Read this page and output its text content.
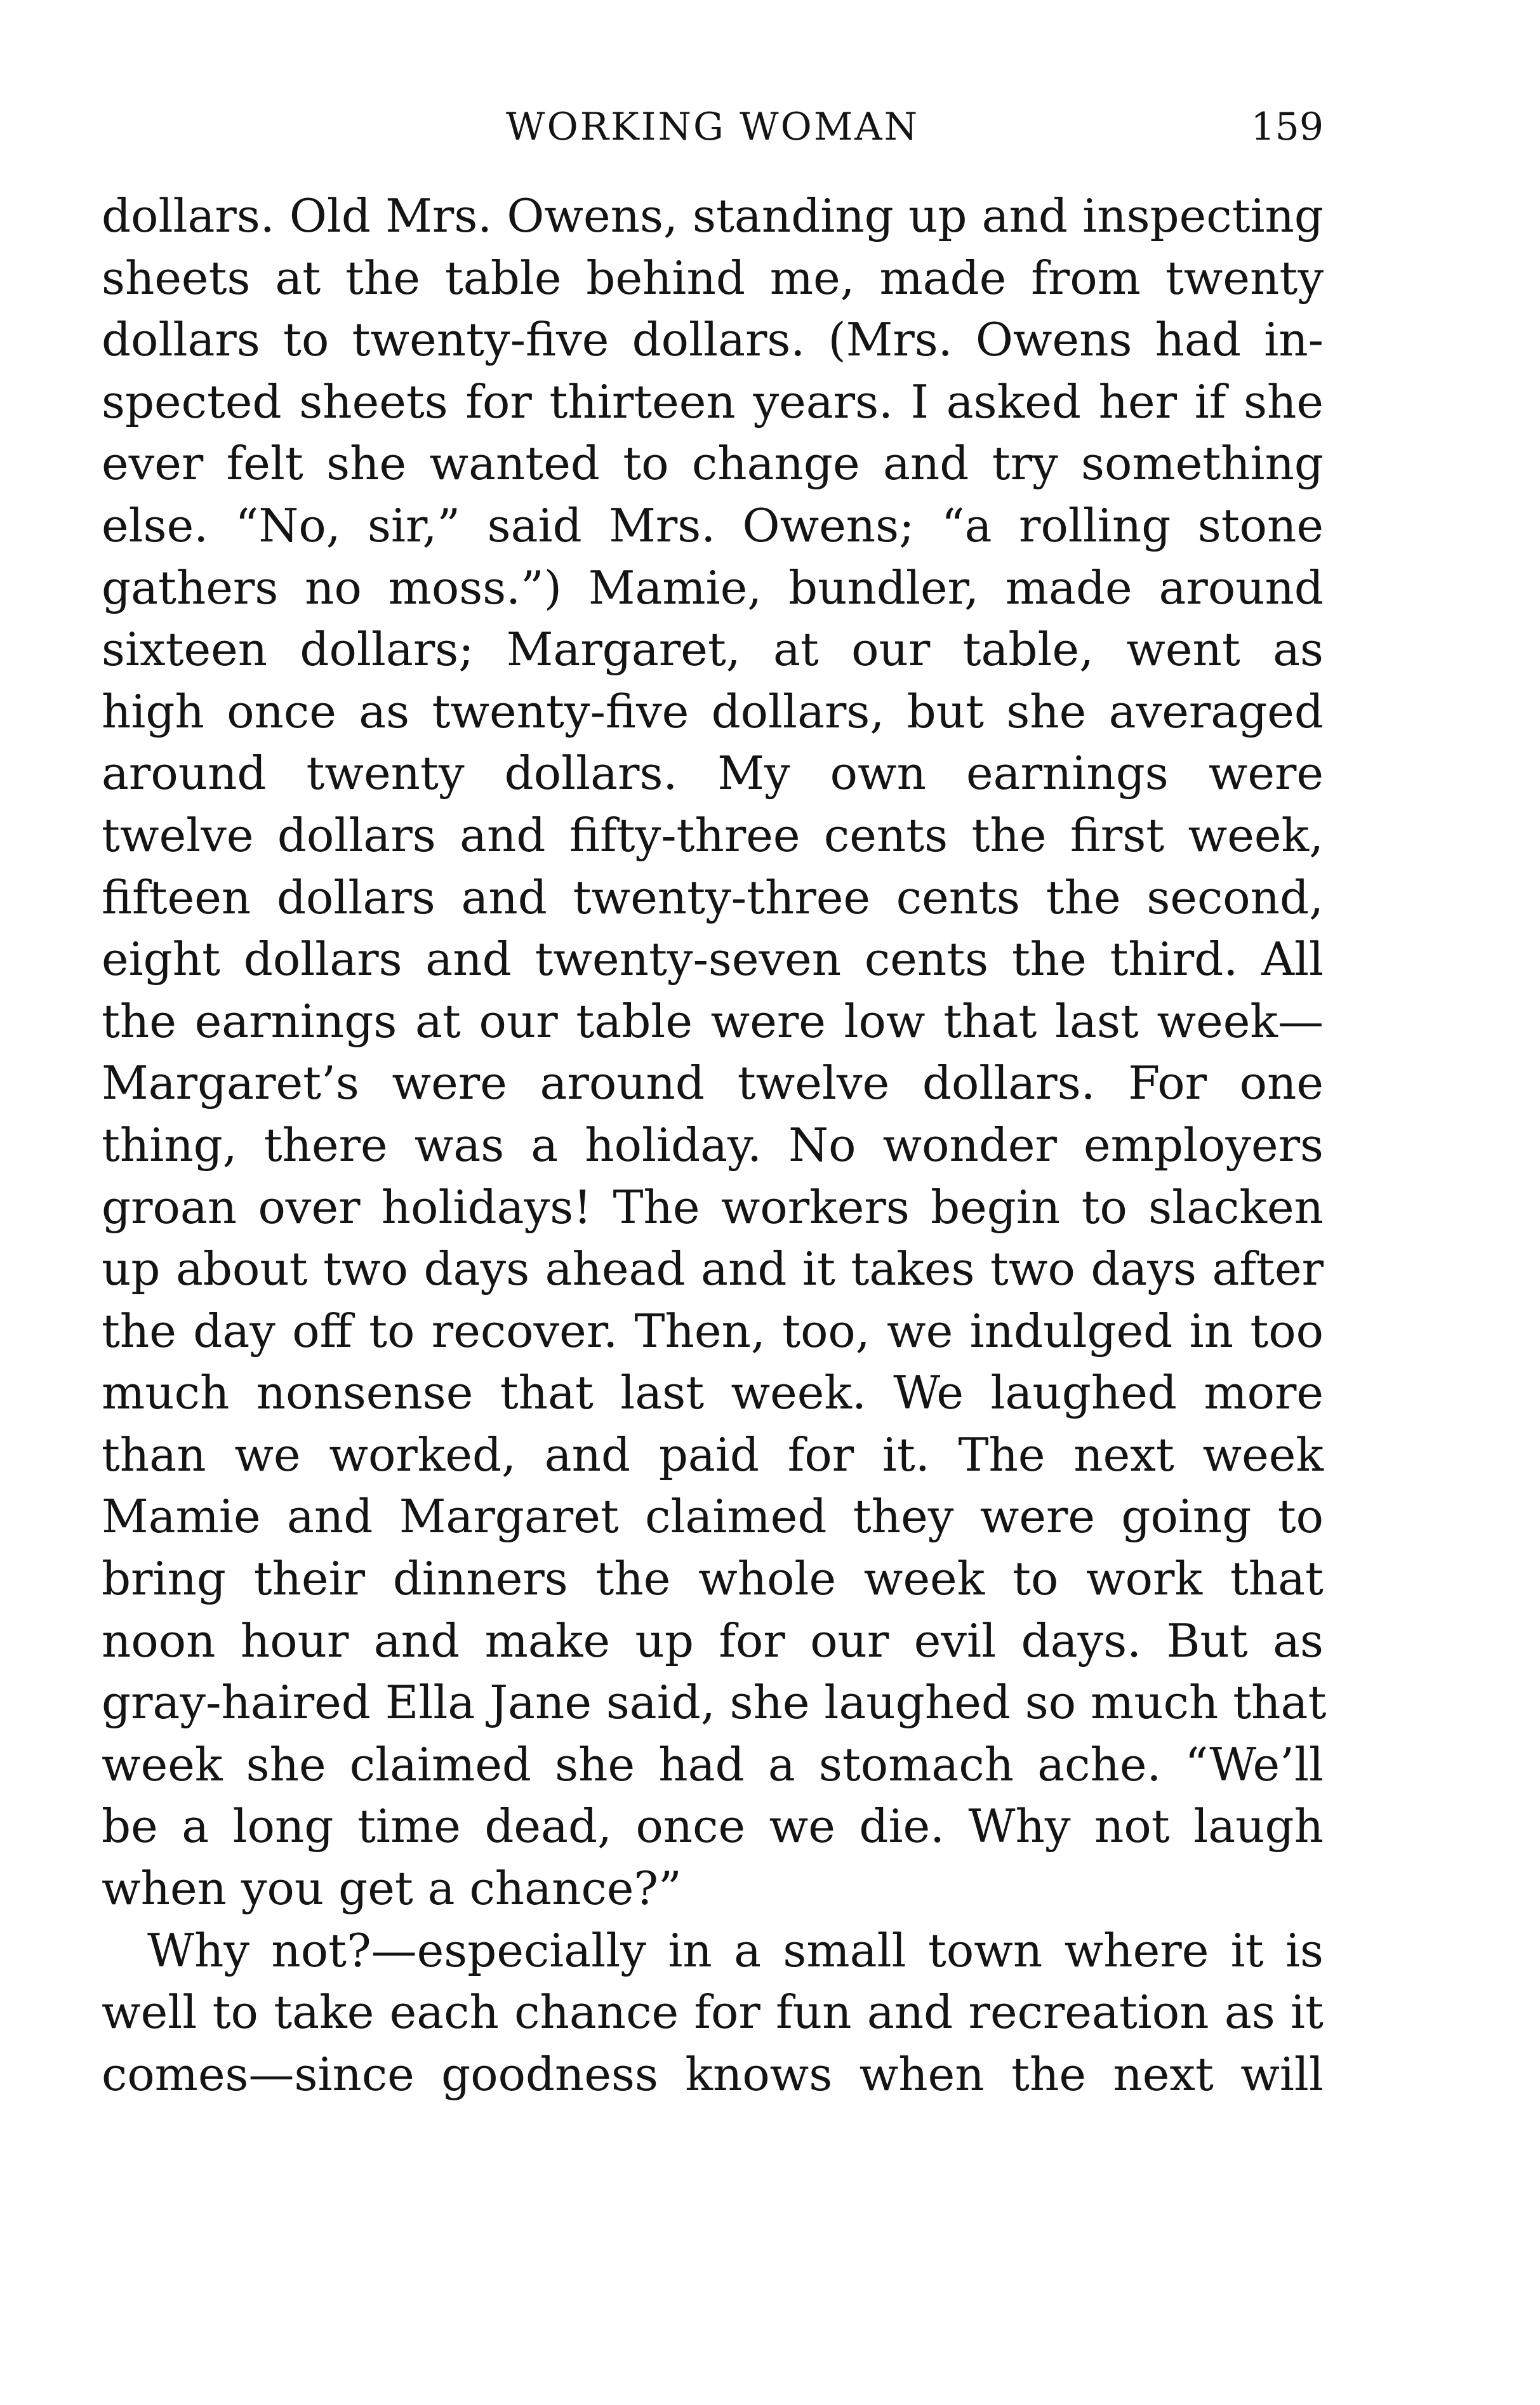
WORKING WOMAN	159
dollars. Old Mrs. Owens, standing up and inspecting
sheets at the table behind me, made from twenty
dollars to twenty-five dollars. (Mrs. Owens had in-
spected sheets for thirteen years. I asked her if she
ever felt she wanted to change and try something
else. “No, sir,” said Mrs. Owens; “a rolling stone
gathers no moss.”) Mamie, bundler, made around
sixteen dollars; Margaret, at our table, went as
high once as twenty-five dollars, but she averaged
around twenty dollars. My own earnings were
twelve dollars and fifty-three cents the first week,
fifteen dollars and twenty-three cents the second,
eight dollars and twenty-seven cents the third. All
the earnings at our table were low that last week—
Margaret’s were around twelve dollars. For one
thing, there was a holiday. No wonder employers
groan over holidays! The workers begin to slacken
up about two days ahead and it takes two days after
the day off to recover. Then, too, we indulged in too
much nonsense that last week. We laughed more
than we worked, and paid for it. The next week
Mamie and Margaret claimed they were going to
bring their dinners the whole week to work that
noon hour and make up for our evil days. But as
gray-haired Ella Jane said, she laughed so much that
week she claimed she had a stomach ache. “We’ll
be a long time dead, once we die. Why not laugh
when you get a chance?”
Why not?—especially in a small town where it is
well to take each chance for fun and recreation as it
comes—since goodness knows when the next will
